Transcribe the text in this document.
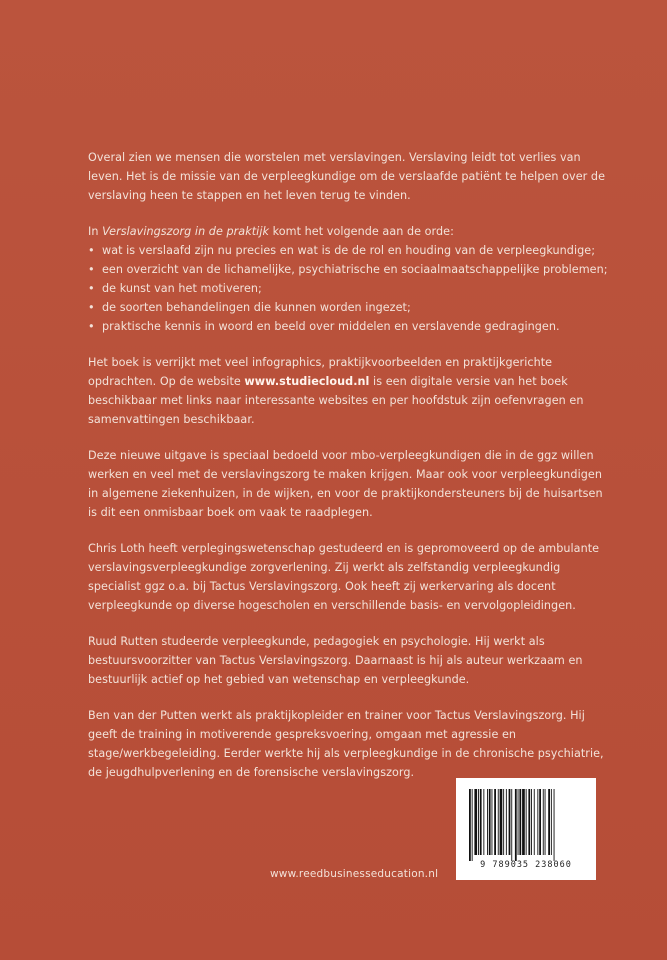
Overal zien we mensen die worstelen met verslavingen. Verslaving leidt tot verlies van leven. Het is de missie van de verpleegkundige om de verslaafde patiënt te helpen over de verslaving heen te stappen en het leven terug te vinden.

In Verslavingszorg in de praktijk komt het volgende aan de orde:

• wat is verslaafd zijn nu precies en wat is de de rol en houding van de verpleegkundige;
• een overzicht van de lichamelijke, psychiatrische en sociaalmaatschappelijke problemen;
• de kunst van het motiveren;
• de soorten behandelingen die kunnen worden ingezet;
• praktische kennis in woord en beeld over middelen en verslavende gedragingen.

Het boek is verrijkt met veel infographics, praktijkvoorbeelden en praktijkgerichte opdrachten. Op de website www.studiecloud.nl is een digitale versie van het boek beschikbaar met links naar interessante websites en per hoofdstuk zijn oefenvragen en samenvattingen beschikbaar.

Deze nieuwe uitgave is speciaal bedoeld voor mbo-verpleegkundigen die in de ggz willen werken en veel met de verslavingszorg te maken krijgen. Maar ook voor verpleegkundigen in algemene ziekenhuizen, in de wijken, en voor de praktijkondersteuners bij de huisartsen is dit een onmisbaar boek om vaak te raadplegen.

Chris Loth heeft verplegingswetenschap gestudeerd en is gepromoveerd op de ambulante verslavingsverpleegkundige zorgverlening. Zij werkt als zelfstandig verpleegkundig specialist ggz o.a. bij Tactus Verslavingszorg. Ook heeft zij werkervaring als docent verpleegkunde op diverse hogescholen en verschillende basis- en vervolgopleidingen.

Ruud Rutten studeerde verpleegkunde, pedagogiek en psychologie. Hij werkt als bestuursvoorzitter van Tactus Verslavingszorg. Daarnaast is hij als auteur werkzaam en bestuurlijk actief op het gebied van wetenschap en verpleegkunde.

Ben van der Putten werkt als praktijkopleider en trainer voor Tactus Verslavingszorg. Hij geeft de training in motiverende gespreksvoering, omgaan met agressie en stage/werkbegeleiding. Eerder werkte hij als verpleegkundige in de chronische psychiatrie, de jeugdhulpverlening en de forensische verslavingszorg.

www.reedbusinesseducation.nl
9 789035 238060
